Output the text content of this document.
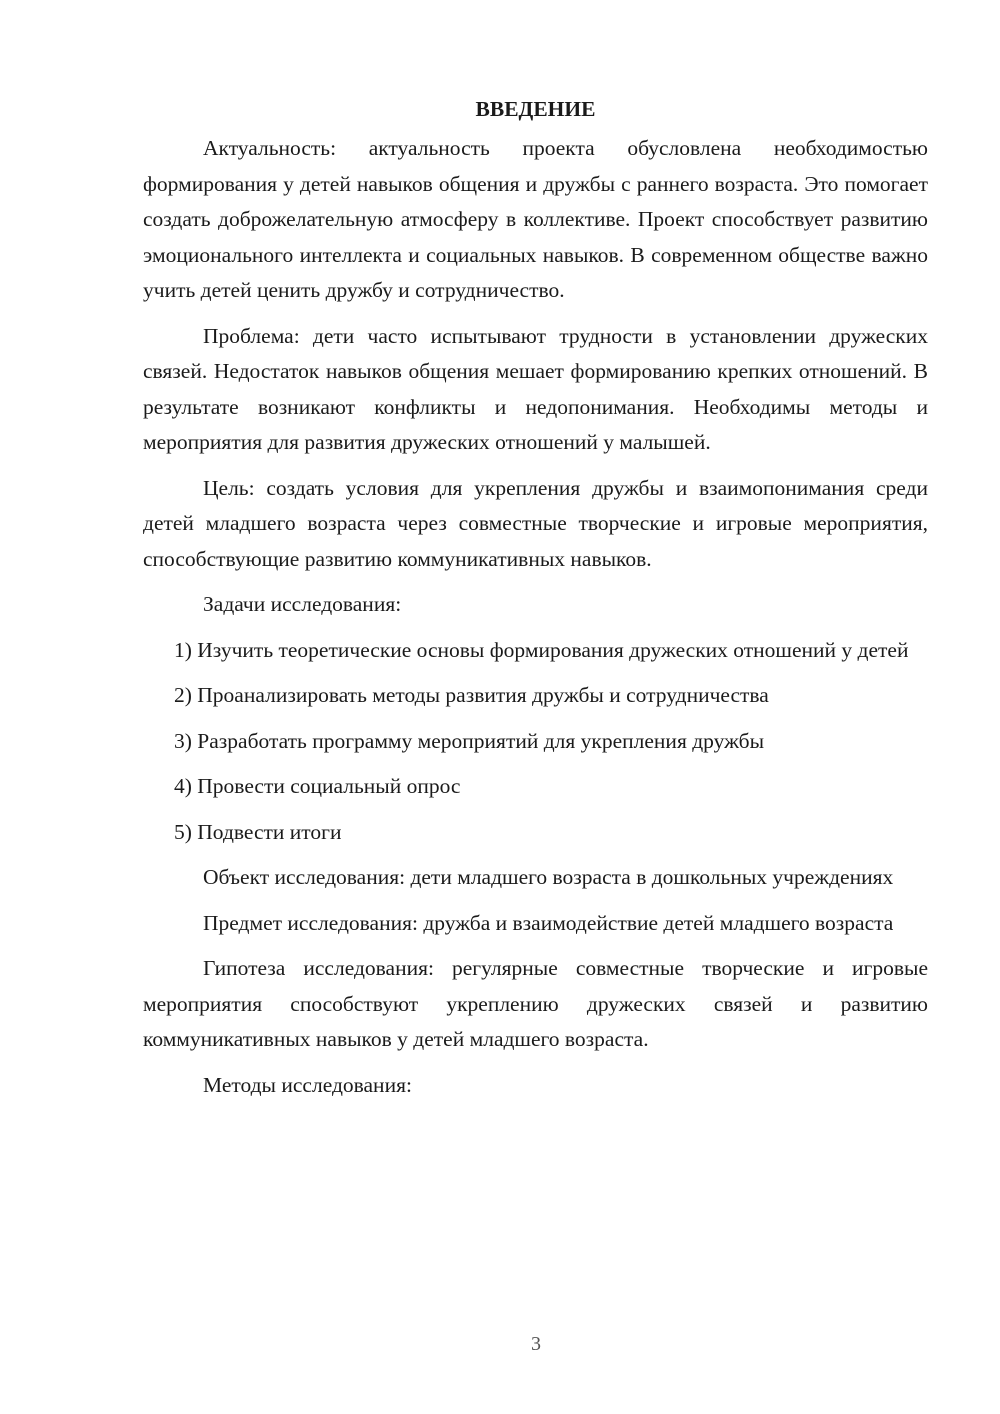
ВВЕДЕНИЕ

Актуальность: актуальность проекта обусловлена необходимостью формирования у детей навыков общения и дружбы с раннего возраста. Это помогает создать доброжелательную атмосферу в коллективе. Проект способствует развитию эмоционального интеллекта и социальных навыков. В современном обществе важно учить детей ценить дружбу и сотрудничество.

Проблема: дети часто испытывают трудности в установлении дружеских связей. Недостаток навыков общения мешает формированию крепких отношений. В результате возникают конфликты и недопонимания. Необходимы методы и мероприятия для развития дружеских отношений у малышей.

Цель: создать условия для укрепления дружбы и взаимопонимания среди детей младшего возраста через совместные творческие и игровые мероприятия, способствующие развитию коммуникативных навыков.

Задачи исследования:

1) Изучить теоретические основы формирования дружеских отношений у детей

2) Проанализировать методы развития дружбы и сотрудничества

3) Разработать программу мероприятий для укрепления дружбы

4) Провести социальный опрос

5) Подвести итоги

Объект исследования: дети младшего возраста в дошкольных учреждениях

Предмет исследования: дружба и взаимодействие детей младшего возраста

Гипотеза исследования: регулярные совместные творческие и игровые мероприятия способствуют укреплению дружеских связей и развитию коммуникативных навыков у детей младшего возраста.

Методы исследования:

3
